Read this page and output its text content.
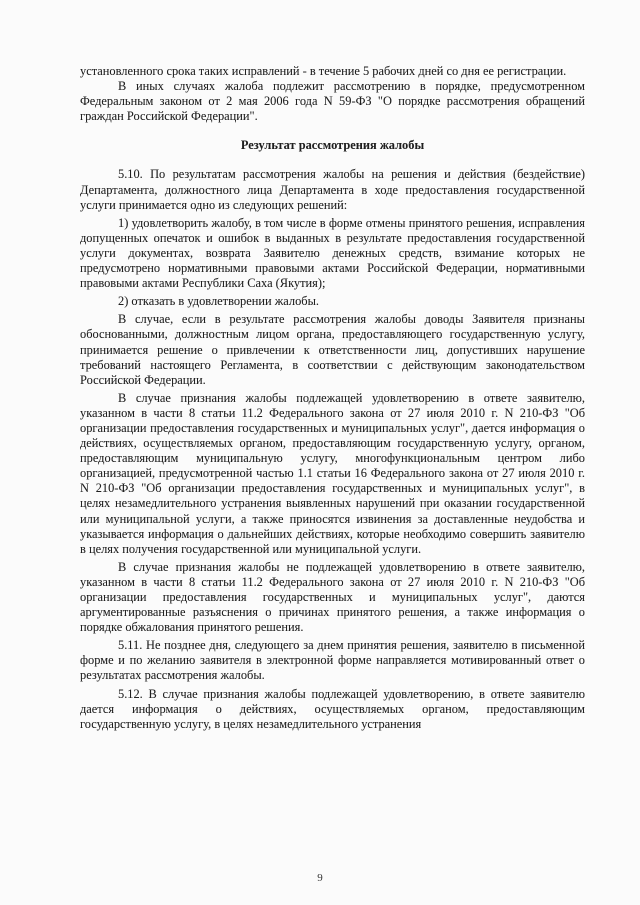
установленного срока таких исправлений - в течение 5 рабочих дней со дня ее регистрации.

В иных случаях жалоба подлежит рассмотрению в порядке, предусмотренном Федеральным законом от 2 мая 2006 года N 59-ФЗ "О порядке рассмотрения обращений граждан Российской Федерации".

Результат рассмотрения жалобы

5.10. По результатам рассмотрения жалобы на решения и действия (бездействие) Департамента, должностного лица Департамента в ходе предоставления государственной услуги принимается одно из следующих решений:

1) удовлетворить жалобу, в том числе в форме отмены принятого решения, исправления допущенных опечаток и ошибок в выданных в результате предоставления государственной услуги документах, возврата Заявителю денежных средств, взимание которых не предусмотрено нормативными правовыми актами Российской Федерации, нормативными правовыми актами Республики Саха (Якутия);

2) отказать в удовлетворении жалобы.

В случае, если в результате рассмотрения жалобы доводы Заявителя признаны обоснованными, должностным лицом органа, предоставляющего государственную услугу, принимается решение о привлечении к ответственности лиц, допустивших нарушение требований настоящего Регламента, в соответствии с действующим законодательством Российской Федерации.

В случае признания жалобы подлежащей удовлетворению в ответе заявителю, указанном в части 8 статьи 11.2 Федерального закона от 27 июля 2010 г. N 210-ФЗ "Об организации предоставления государственных и муниципальных услуг", дается информация о действиях, осуществляемых органом, предоставляющим государственную услугу, органом, предоставляющим муниципальную услугу, многофункциональным центром либо организацией, предусмотренной частью 1.1 статьи 16 Федерального закона от 27 июля 2010 г. N 210-ФЗ "Об организации предоставления государственных и муниципальных услуг", в целях незамедлительного устранения выявленных нарушений при оказании государственной или муниципальной услуги, а также приносятся извинения за доставленные неудобства и указывается информация о дальнейших действиях, которые необходимо совершить заявителю в целях получения государственной или муниципальной услуги.

В случае признания жалобы не подлежащей удовлетворению в ответе заявителю, указанном в части 8 статьи 11.2 Федерального закона от 27 июля 2010 г. N 210-ФЗ "Об организации предоставления государственных и муниципальных услуг", даются аргументированные разъяснения о причинах принятого решения, а также информация о порядке обжалования принятого решения.

5.11. Не позднее дня, следующего за днем принятия решения, заявителю в письменной форме и по желанию заявителя в электронной форме направляется мотивированный ответ о результатах рассмотрения жалобы.

5.12. В случае признания жалобы подлежащей удовлетворению, в ответе заявителю дается информация о действиях, осуществляемых органом, предоставляющим государственную услугу, в целях незамедлительного устранения

9
